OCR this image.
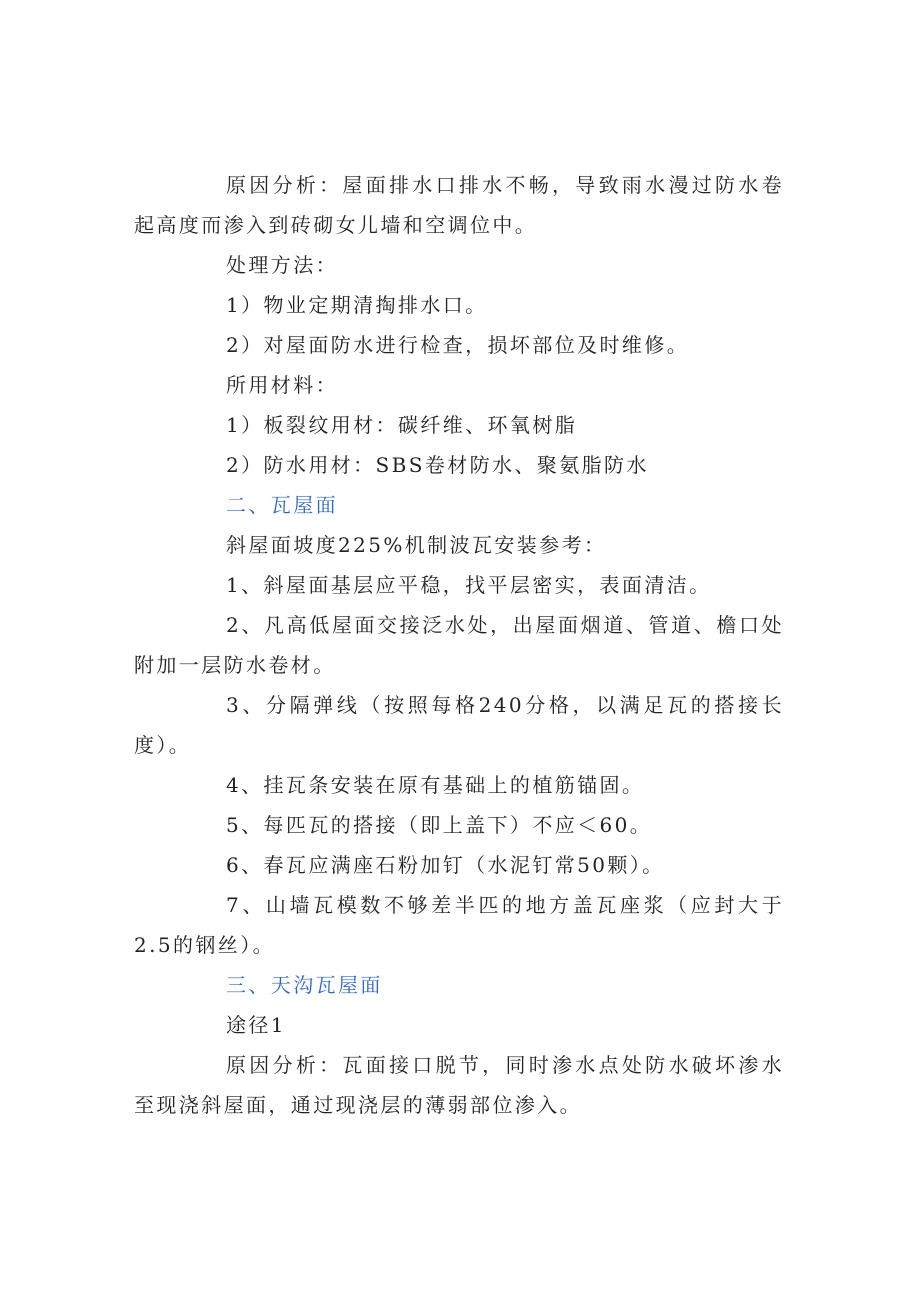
原因分析：屋面排水口排水不畅，导致雨水漫过防水卷起高度而渗入到砖砌女儿墙和空调位中。

处理方法：

1）物业定期清掏排水口。

2）对屋面防水进行检查，损坏部位及时维修。

所用材料：

1）板裂纹用材：碳纤维、环氧树脂

2）防水用材：SBS卷材防水、聚氨脂防水

二、瓦屋面

斜屋面坡度225%机制波瓦安装参考：

1、斜屋面基层应平稳，找平层密实，表面清洁。

2、凡高低屋面交接泛水处，出屋面烟道、管道、檐口处附加一层防水卷材。

3、分隔弹线（按照每格240分格，以满足瓦的搭接长度）。

4、挂瓦条安装在原有基础上的植筋锚固。

5、每匹瓦的搭接（即上盖下）不应＜60。

6、春瓦应满座石粉加钉（水泥钉常50颗）。

7、山墙瓦模数不够差半匹的地方盖瓦座浆（应封大于2.5的钢丝）。

三、天沟瓦屋面

途径1

原因分析：瓦面接口脱节，同时渗水点处防水破坏渗水至现浇斜屋面，通过现浇层的薄弱部位渗入。
